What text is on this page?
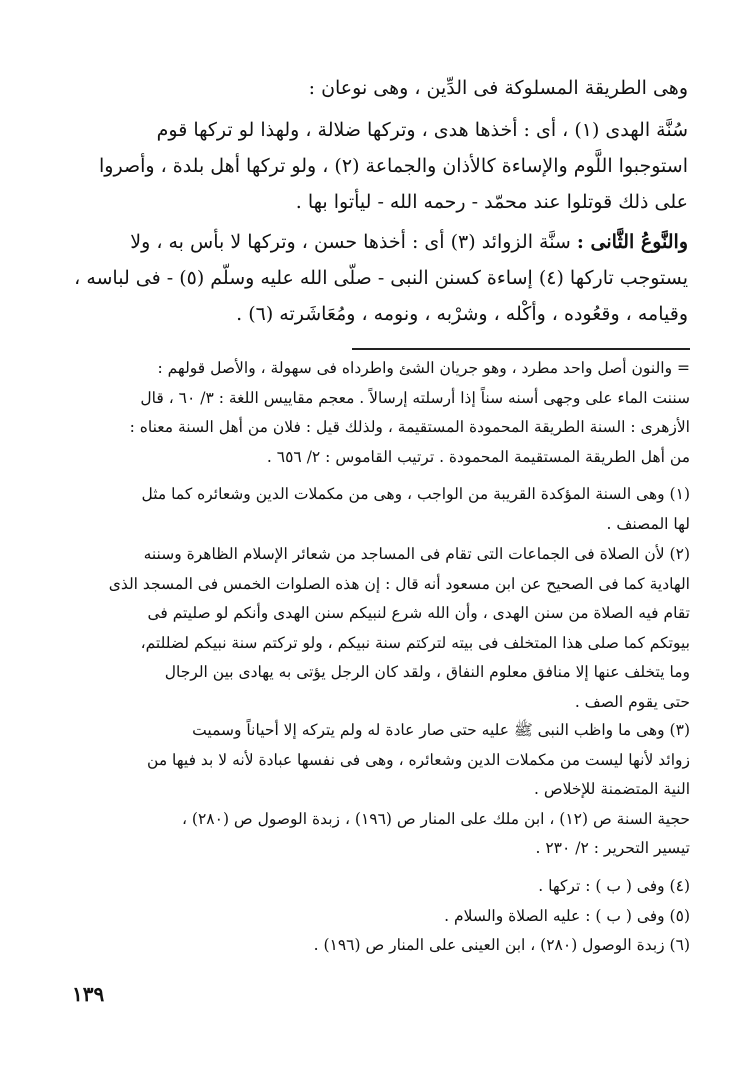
وهى الطريقة المسلوكة فى الدِّين ، وهى نوعان :
سُنَّة الهدى (١) ، أى : أخذها هدى ، وتركها ضلالة ، ولهذا لو تركها قوم
استوجبوا اللَّوم والإساءة كالأذان والجماعة (٢) ، ولو تركها أهل بلدة ، وأصروا
على ذلك قوتلوا عند محمّد - رحمه الله - ليأتوا بها .
والنَّوعُ الثَّانى : سنَّة الزوائد (٣) أى : أخذها حسن ، وتركها لا بأس به ، ولا
يستوجب تاركها (٤) إساءة كسنن النبى - صلّى الله عليه وسلّم (٥) - فى لباسه ،
وقيامه ، وقعُوده ، وأكْله ، وشرْبه ، ونومه ، ومُعَاشَرته (٦) .
= والنون أصل واحد مطرد ، وهو جريان الشئ واطرداه فى سهولة ، والأصل قولهم :
سننت الماء على وجهى أسنه سناً إذا أرسلته إرسالاً . معجم مقاييس اللغة : ٣/ ٦٠ ، قال
الأزهرى : السنة الطريقة المحمودة المستقيمة ، ولذلك قيل : فلان من أهل السنة معناه :
من أهل الطريقة المستقيمة المحمودة . ترتيب القاموس : ٢/ ٦٥٦ .
(١) وهى السنة المؤكدة القريبة من الواجب ، وهى من مكملات الدين وشعائره كما مثل
لها المصنف .
(٢) لأن الصلاة فى الجماعات التى تقام فى المساجد من شعائر الإسلام الظاهرة وسننه
الهادية كما فى الصحيح عن ابن مسعود أنه قال : إن هذه الصلوات الخمس فى المسجد الذى
تقام فيه الصلاة من سنن الهدى ، وأن الله شرع لنبيكم سنن الهدى وأنكم لو صليتم فى
بيوتكم كما صلى هذا المتخلف فى بيته لتركتم سنة نبيكم ، ولو تركتم سنة نبيكم لضللتم،
وما يتخلف عنها إلا منافق معلوم النفاق ، ولقد كان الرجل يؤتى به يهادى بين الرجال
حتى يقوم الصف .
(٣) وهى ما واظب النبى ﷺ عليه حتى صار عادة له ولم يتركه إلا أحياناً وسميت
زوائد لأنها ليست من مكملات الدين وشعائره ، وهى فى نفسها عبادة لأنه لا بد فيها من
النية المتضمنة للإخلاص .
حجية السنة ص (١٢) ، ابن ملك على المنار ص (١٩٦) ، زبدة الوصول ص (٢٨٠) ،
تيسير التحرير : ٢/ ٢٣٠ .
(٤) وفى ( ب ) : تركها .
(٥) وفى ( ب ) : عليه الصلاة والسلام .
(٦) زبدة الوصول (٢٨٠) ، ابن العينى على المنار ص (١٩٦) .
١٣٩
